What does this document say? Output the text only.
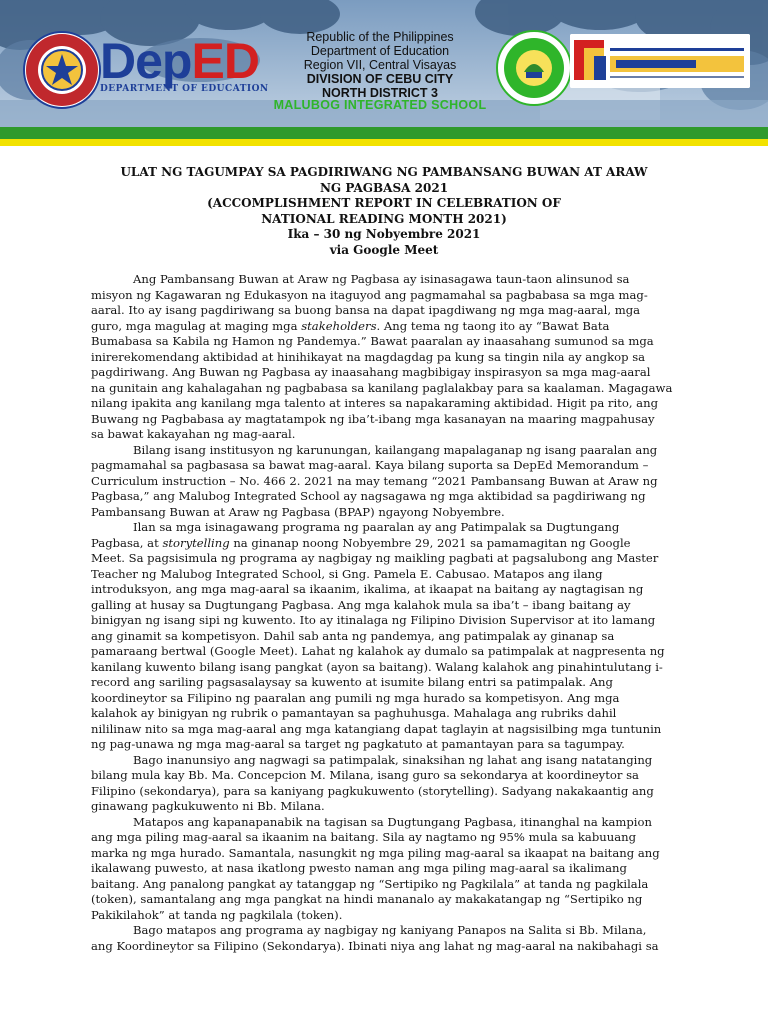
DepED
DEPARTMENT OF EDUCATION
Republic of the Philippines
Department of Education
Region VII, Central Visayas
DIVISION OF CEBU CITY
NORTH DISTRICT 3
MALUBOG INTEGRATED SCHOOL
ULAT NG TAGUMPAY SA PAGDIRIWANG NG PAMBANSANG BUWAN AT ARAW
NG PAGBASA 2021
(ACCOMPLISHMENT REPORT IN CELEBRATION OF
NATIONAL READING MONTH 2021)
Ika – 30 ng Nobyembre 2021
via Google Meet

Ang Pambansang Buwan at Araw ng Pagbasa ay isinasagawa taun-taon alinsunod sa
misyon ng Kagawaran ng Edukasyon na itaguyod ang pagmamahal sa pagbabasa sa mga mag-
aaral. Ito ay isang pagdiriwang sa buong bansa na dapat ipagdiwang ng mga mag-aaral, mga
guro, mga magulag at maging mga stakeholders. Ang tema ng taong ito ay “Bawat Bata
Bumabasa sa Kabila ng Hamon ng Pandemya.” Bawat paaralan ay inaasahang sumunod sa mga
inirerekomendang aktibidad at hinihikayat na magdagdag pa kung sa tingin nila ay angkop sa
pagdiriwang. Ang Buwan ng Pagbasa ay inaasahang magbibigay inspirasyon sa mga mag-aaral
na gunitain ang kahalagahan ng pagbabasa sa kanilang paglalakbay para sa kaalaman. Magagawa
nilang ipakita ang kanilang mga talento at interes sa napakaraming aktibidad. Higit pa rito, ang
Buwang ng Pagbabasa ay magtatampok ng iba’t-ibang mga kasanayan na maaring magpahusay
sa bawat kakayahan ng mag-aaral.

Bilang isang institusyon ng karunungan, kailangang mapalaganap ng isang paaralan ang
pagmamahal sa pagbasasa sa bawat mag-aaral. Kaya bilang suporta sa DepEd Memorandum –
Curriculum instruction – No. 466 2. 2021 na may temang “2021 Pambansang Buwan at Araw ng
Pagbasa,” ang Malubog Integrated School ay nagsagawa ng mga aktibidad sa pagdiriwang ng
Pambansang Buwan at Araw ng Pagbasa (BPAP) ngayong Nobyembre.

Ilan sa mga isinagawang programa ng paaralan ay ang Patimpalak sa Dugtungang
Pagbasa, at storytelling na ginanap noong Nobyembre 29, 2021 sa pamamagitan ng Google
Meet. Sa pagsisimula ng programa ay nagbigay ng maikling pagbati at pagsalubong ang Master
Teacher ng Malubog Integrated School, si Gng. Pamela E. Cabusao. Matapos ang ilang
introduksyon, ang mga mag-aaral sa ikaanim, ikalima, at ikaapat na baitang ay nagtagisan ng
galling at husay sa Dugtungang Pagbasa. Ang mga kalahok mula sa iba’t – ibang baitang ay
binigyan ng isang sipi ng kuwento. Ito ay itinalaga ng Filipino Division Supervisor at ito lamang
ang ginamit sa kompetisyon. Dahil sab anta ng pandemya, ang patimpalak ay ginanap sa
pamaraang bertwal (Google Meet). Lahat ng kalahok ay dumalo sa patimpalak at nagpresenta ng
kanilang kuwento bilang isang pangkat (ayon sa baitang). Walang kalahok ang pinahintulutang i-
record ang sariling pagsasalaysay sa kuwento at isumite bilang entri sa patimpalak. Ang
koordineytor sa Filipino ng paaralan ang pumili ng mga hurado sa kompetisyon. Ang mga
kalahok ay binigyan ng rubrik o pamantayan sa paghuhusga. Mahalaga ang rubriks dahil
nililinaw nito sa mga mag-aaral ang mga katangiang dapat taglayin at nagsisilbing mga tuntunin
ng pag-unawa ng mga mag-aaral sa target ng pagkatuto at pamantayan para sa tagumpay.

Bago inanunsiyo ang nagwagi sa patimpalak, sinaksihan ng lahat ang isang natatanging
bilang mula kay Bb. Ma. Concepcion M. Milana, isang guro sa sekondarya at koordineytor sa
Filipino (sekondarya), para sa kaniyang pagkukuwento (storytelling). Sadyang nakakaantig ang
ginawang pagkukuwento ni Bb. Milana.

Matapos ang kapanapanabik na tagisan sa Dugtungang Pagbasa, itinanghal na kampion
ang mga piling mag-aaral sa ikaanim na baitang. Sila ay nagtamo ng 95% mula sa kabuuang
marka ng mga hurado. Samantala, nasungkit ng mga piling mag-aaral sa ikaapat na baitang ang
ikalawang puwesto, at nasa ikatlong pwesto naman ang mga piling mag-aaral sa ikalimang
baitang. Ang panalong pangkat ay tatanggap ng “Sertipiko ng Pagkilala” at tanda ng pagkilala
(token), samantalang ang mga pangkat na hindi mananalo ay makakatangap ng “Sertipiko ng
Pakikilahok” at tanda ng pagkilala (token).

Bago matapos ang programa ay nagbigay ng kaniyang Panapos na Salita si Bb. Milana,
ang Koordineytor sa Filipino (Sekondarya). Ibinati niya ang lahat ng mag-aaral na nakibahagi sa
